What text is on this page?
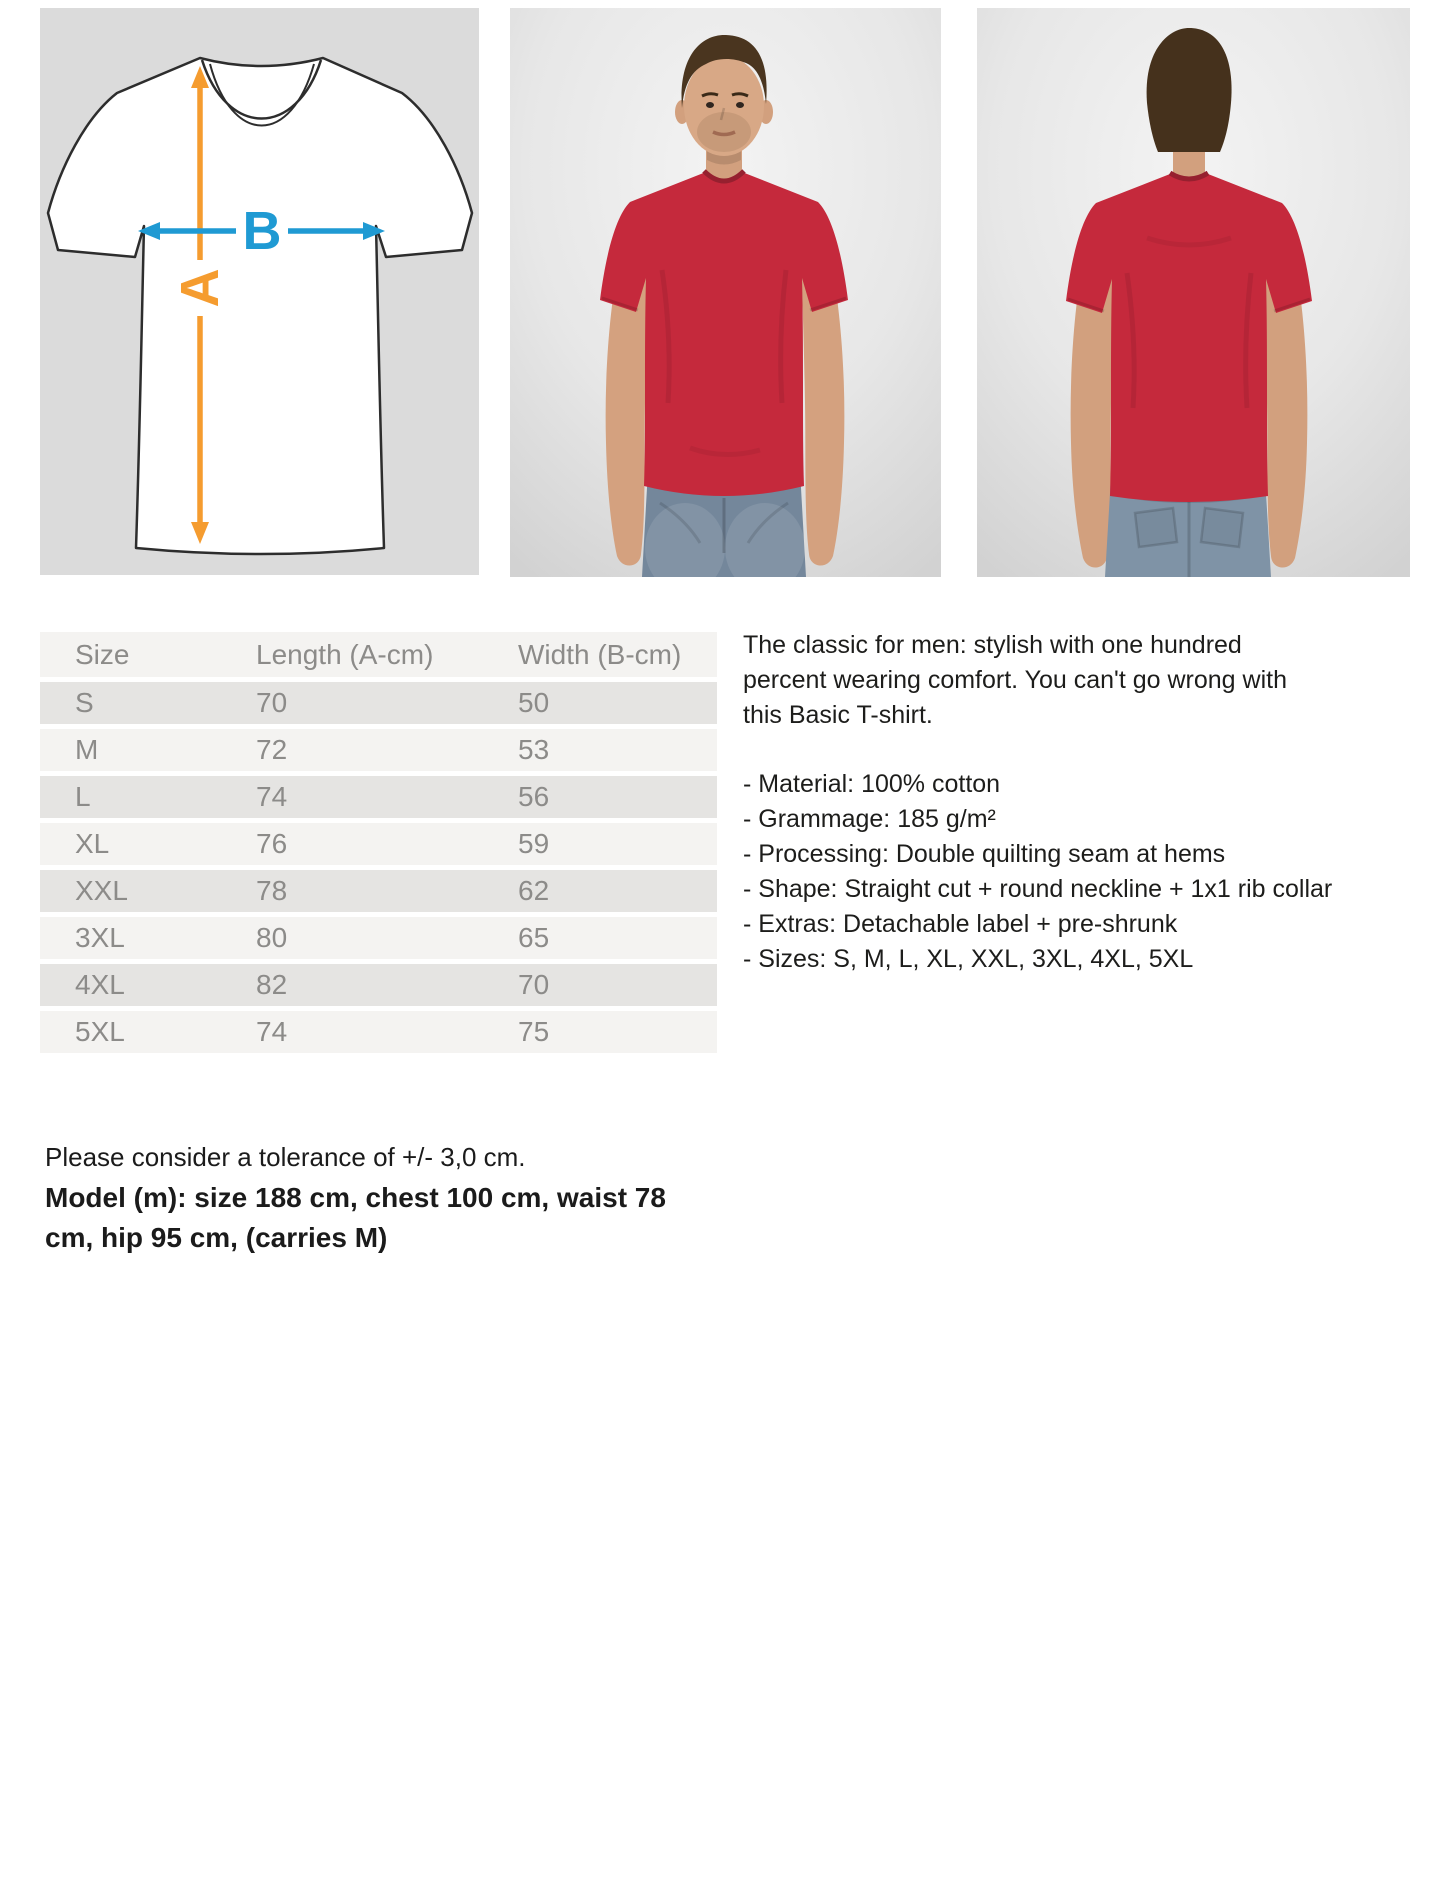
A
B
Size	Length (A-cm)	Width (B-cm)
S	70	50
M	72	53
L	74	56
XL	76	59
XXL	78	62
3XL	80	65
4XL	82	70
5XL	74	75
The classic for men: stylish with one hundred
percent wearing comfort. You can't go wrong with
this Basic T-shirt.
- Material: 100% cotton
- Grammage: 185 g/m²
- Processing: Double quilting seam at hems
- Shape: Straight cut + round neckline + 1x1 rib collar
- Extras: Detachable label + pre-shrunk
- Sizes: S, M, L, XL, XXL, 3XL, 4XL, 5XL
Please consider a tolerance of +/- 3,0 cm.
Model (m): size 188 cm, chest 100 cm, waist 78
cm, hip 95 cm, (carries M)
